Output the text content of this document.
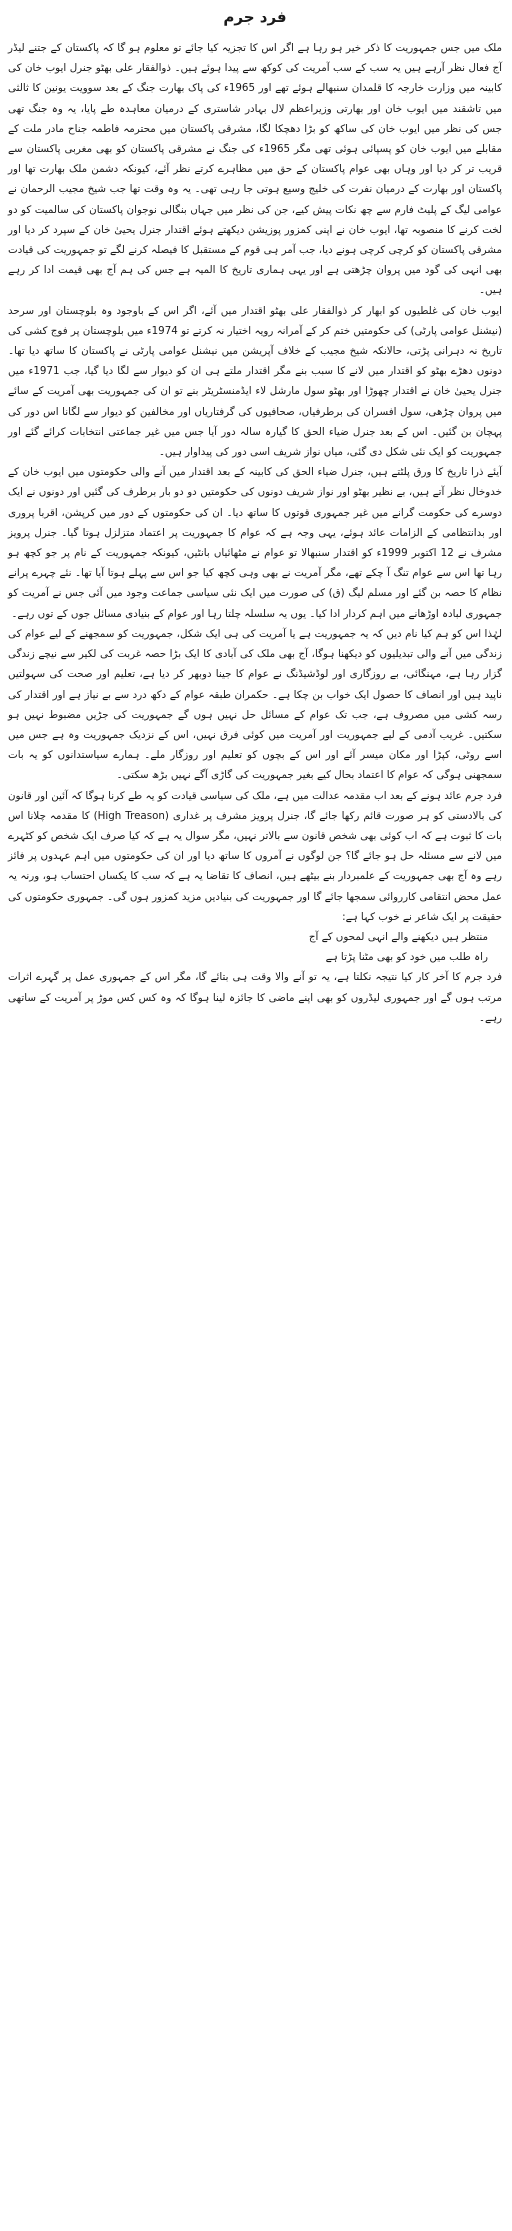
فرد جرم

ملک میں جس جمہوریت کا ذکر خیر ہو رہا ہے اگر اس کا تجزیہ کیا جائے تو معلوم ہو گا کہ پاکستان کے جتنے لیڈر آج فعال نظر آرہے ہیں یہ سب کے سب آمریت کی کوکھ سے پیدا ہوئے ہیں۔ ذوالفقار علی بھٹو جنرل ایوب خان کی کابینہ میں وزارت خارجہ کا قلمدان سنبھالے ہوئے تھے اور 1965ء کی پاک بھارت جنگ کے بعد سوویت یونین کا ثالثی میں تاشقند میں ایوب خان اور بھارتی وزیراعظم لال بہادر شاستری کے درمیان معاہدہ طے پایا، یہ وہ جنگ تھی جس کی نظر میں ایوب خان کی ساکھ کو بڑا دھچکا لگا، مشرقی پاکستان میں محترمہ فاطمہ جناح مادر ملت کے مقابلے میں ایوب خان کو پسپائی ہوئی تھی مگر 1965ء کی جنگ نے مشرقی پاکستان کو بھی مغربی پاکستان سے قریب تر کر دیا اور وہاں بھی عوام پاکستان کے حق میں مظاہرے کرتے نظر آئے، کیونکہ دشمن ملک بھارت تھا اور پاکستان اور بھارت کے درمیان نفرت کی خلیج وسیع ہوتی جا رہی تھی۔ یہ وہ وقت تھا جب شیخ مجیب الرحمان نے عوامی لیگ کے پلیٹ فارم سے چھ نکات پیش کیے، جن کی نظر میں جہاں بنگالی نوجوان پاکستان کی سالمیت کو دو لخت کرنے کا منصوبہ تھا، ایوب خان نے اپنی کمزور پوزیشن دیکھتے ہوئے اقتدار جنرل یحییٰ خان کے سپرد کر دیا اور مشرقی پاکستان کو کرچی کرچی ہونے دیا، جب آمر ہی قوم کے مستقبل کا فیصلہ کرنے لگے تو جمہوریت کی قیادت بھی انہی کی گود میں پروان چڑھتی ہے اور یہی ہماری تاریخ کا المیہ ہے جس کی ہم آج بھی قیمت ادا کر رہے ہیں۔

ایوب خان کی غلطیوں کو ابھار کر ذوالفقار علی بھٹو اقتدار میں آئے، اگر اس کے باوجود وہ بلوچستان اور سرحد (نیشنل عوامی پارٹی) کی حکومتیں ختم کر کے آمرانہ رویہ اختیار نہ کرتے تو 1974ء میں بلوچستان پر فوج کشی کی تاریخ نہ دہرانی پڑتی، حالانکہ شیخ مجیب کے خلاف آپریشن میں نیشنل عوامی پارٹی نے پاکستان کا ساتھ دیا تھا۔ دونوں دھڑے بھٹو کو اقتدار میں لانے کا سبب بنے مگر اقتدار ملتے ہی ان کو دیوار سے لگا دیا گیا، جب 1971ء میں جنرل یحییٰ خان نے اقتدار چھوڑا اور بھٹو سول مارشل لاء ایڈمنسٹریٹر بنے تو ان کی جمہوریت بھی آمریت کے سائے میں پروان چڑھی، سول افسران کی برطرفیاں، صحافیوں کی گرفتاریاں اور مخالفین کو دیوار سے لگانا اس دور کی پہچان بن گئیں۔ اس کے بعد جنرل ضیاء الحق کا گیارہ سالہ دور آیا جس میں غیر جماعتی انتخابات کرائے گئے اور جمہوریت کو ایک نئی شکل دی گئی، میاں نواز شریف اسی دور کی پیداوار ہیں۔

آیئے ذرا تاریخ کا ورق پلٹتے ہیں، جنرل ضیاء الحق کی کابینہ کے بعد اقتدار میں آنے والی حکومتوں میں ایوب خان کے خدوخال نظر آتے ہیں، بے نظیر بھٹو اور نواز شریف دونوں کی حکومتیں دو دو بار برطرف کی گئیں اور دونوں نے ایک دوسرے کی حکومت گرانے میں غیر جمہوری قوتوں کا ساتھ دیا۔ ان کی حکومتوں کے دور میں کرپشن، اقربا پروری اور بدانتظامی کے الزامات عائد ہوئے، یہی وجہ ہے کہ عوام کا جمہوریت پر اعتماد متزلزل ہوتا گیا۔ جنرل پرویز مشرف نے 12 اکتوبر 1999ء کو اقتدار سنبھالا تو عوام نے مٹھائیاں بانٹیں، کیونکہ جمہوریت کے نام پر جو کچھ ہو رہا تھا اس سے عوام تنگ آ چکے تھے، مگر آمریت نے بھی وہی کچھ کیا جو اس سے پہلے ہوتا آیا تھا۔ نئے چہرے پرانے نظام کا حصہ بن گئے اور مسلم لیگ (ق) کی صورت میں ایک نئی سیاسی جماعت وجود میں آئی جس نے آمریت کو جمہوری لبادہ اوڑھانے میں اہم کردار ادا کیا۔ یوں یہ سلسلہ چلتا رہا اور عوام کے بنیادی مسائل جوں کے توں رہے۔

لہٰذا اس کو ہم کیا نام دیں کہ یہ جمہوریت ہے یا آمریت کی ہی ایک شکل، جمہوریت کو سمجھنے کے لیے عوام کی زندگی میں آنے والی تبدیلیوں کو دیکھنا ہوگا، آج بھی ملک کی آبادی کا ایک بڑا حصہ غربت کی لکیر سے نیچے زندگی گزار رہا ہے، مہنگائی، بے روزگاری اور لوڈشیڈنگ نے عوام کا جینا دوبھر کر دیا ہے، تعلیم اور صحت کی سہولتیں ناپید ہیں اور انصاف کا حصول ایک خواب بن چکا ہے۔ حکمران طبقہ عوام کے دکھ درد سے بے نیاز ہے اور اقتدار کی رسہ کشی میں مصروف ہے، جب تک عوام کے مسائل حل نہیں ہوں گے جمہوریت کی جڑیں مضبوط نہیں ہو سکتیں۔ غریب آدمی کے لیے جمہوریت اور آمریت میں کوئی فرق نہیں، اس کے نزدیک جمہوریت وہ ہے جس میں اسے روٹی، کپڑا اور مکان میسر آئے اور اس کے بچوں کو تعلیم اور روزگار ملے۔ ہمارے سیاستدانوں کو یہ بات سمجھنی ہوگی کہ عوام کا اعتماد بحال کیے بغیر جمہوریت کی گاڑی آگے نہیں بڑھ سکتی۔

فرد جرم عائد ہونے کے بعد اب مقدمہ عدالت میں ہے، ملک کی سیاسی قیادت کو یہ طے کرنا ہوگا کہ آئین اور قانون کی بالادستی کو ہر صورت قائم رکھا جائے گا، جنرل پرویز مشرف پر غداری (High Treason) کا مقدمہ چلانا اس بات کا ثبوت ہے کہ اب کوئی بھی شخص قانون سے بالاتر نہیں، مگر سوال یہ ہے کہ کیا صرف ایک شخص کو کٹہرے میں لانے سے مسئلہ حل ہو جائے گا؟ جن لوگوں نے آمروں کا ساتھ دیا اور ان کی حکومتوں میں اہم عہدوں پر فائز رہے وہ آج بھی جمہوریت کے علمبردار بنے بیٹھے ہیں، انصاف کا تقاضا یہ ہے کہ سب کا یکساں احتساب ہو، ورنہ یہ عمل محض انتقامی کارروائی سمجھا جائے گا اور جمہوریت کی بنیادیں مزید کمزور ہوں گی۔ جمہوری حکومتوں کی حقیقت پر ایک شاعر نے خوب کہا ہے:

منتظر ہیں دیکھنے والے انہی لمحوں کے آج
راہ طلب میں خود کو بھی مٹنا پڑتا ہے

فرد جرم کا آخر کار کیا نتیجہ نکلتا ہے، یہ تو آنے والا وقت ہی بتائے گا، مگر اس کے جمہوری عمل پر گہرے اثرات مرتب ہوں گے اور جمہوری لیڈروں کو بھی اپنے ماضی کا جائزہ لینا ہوگا کہ وہ کس کس موڑ پر آمریت کے ساتھی رہے۔
